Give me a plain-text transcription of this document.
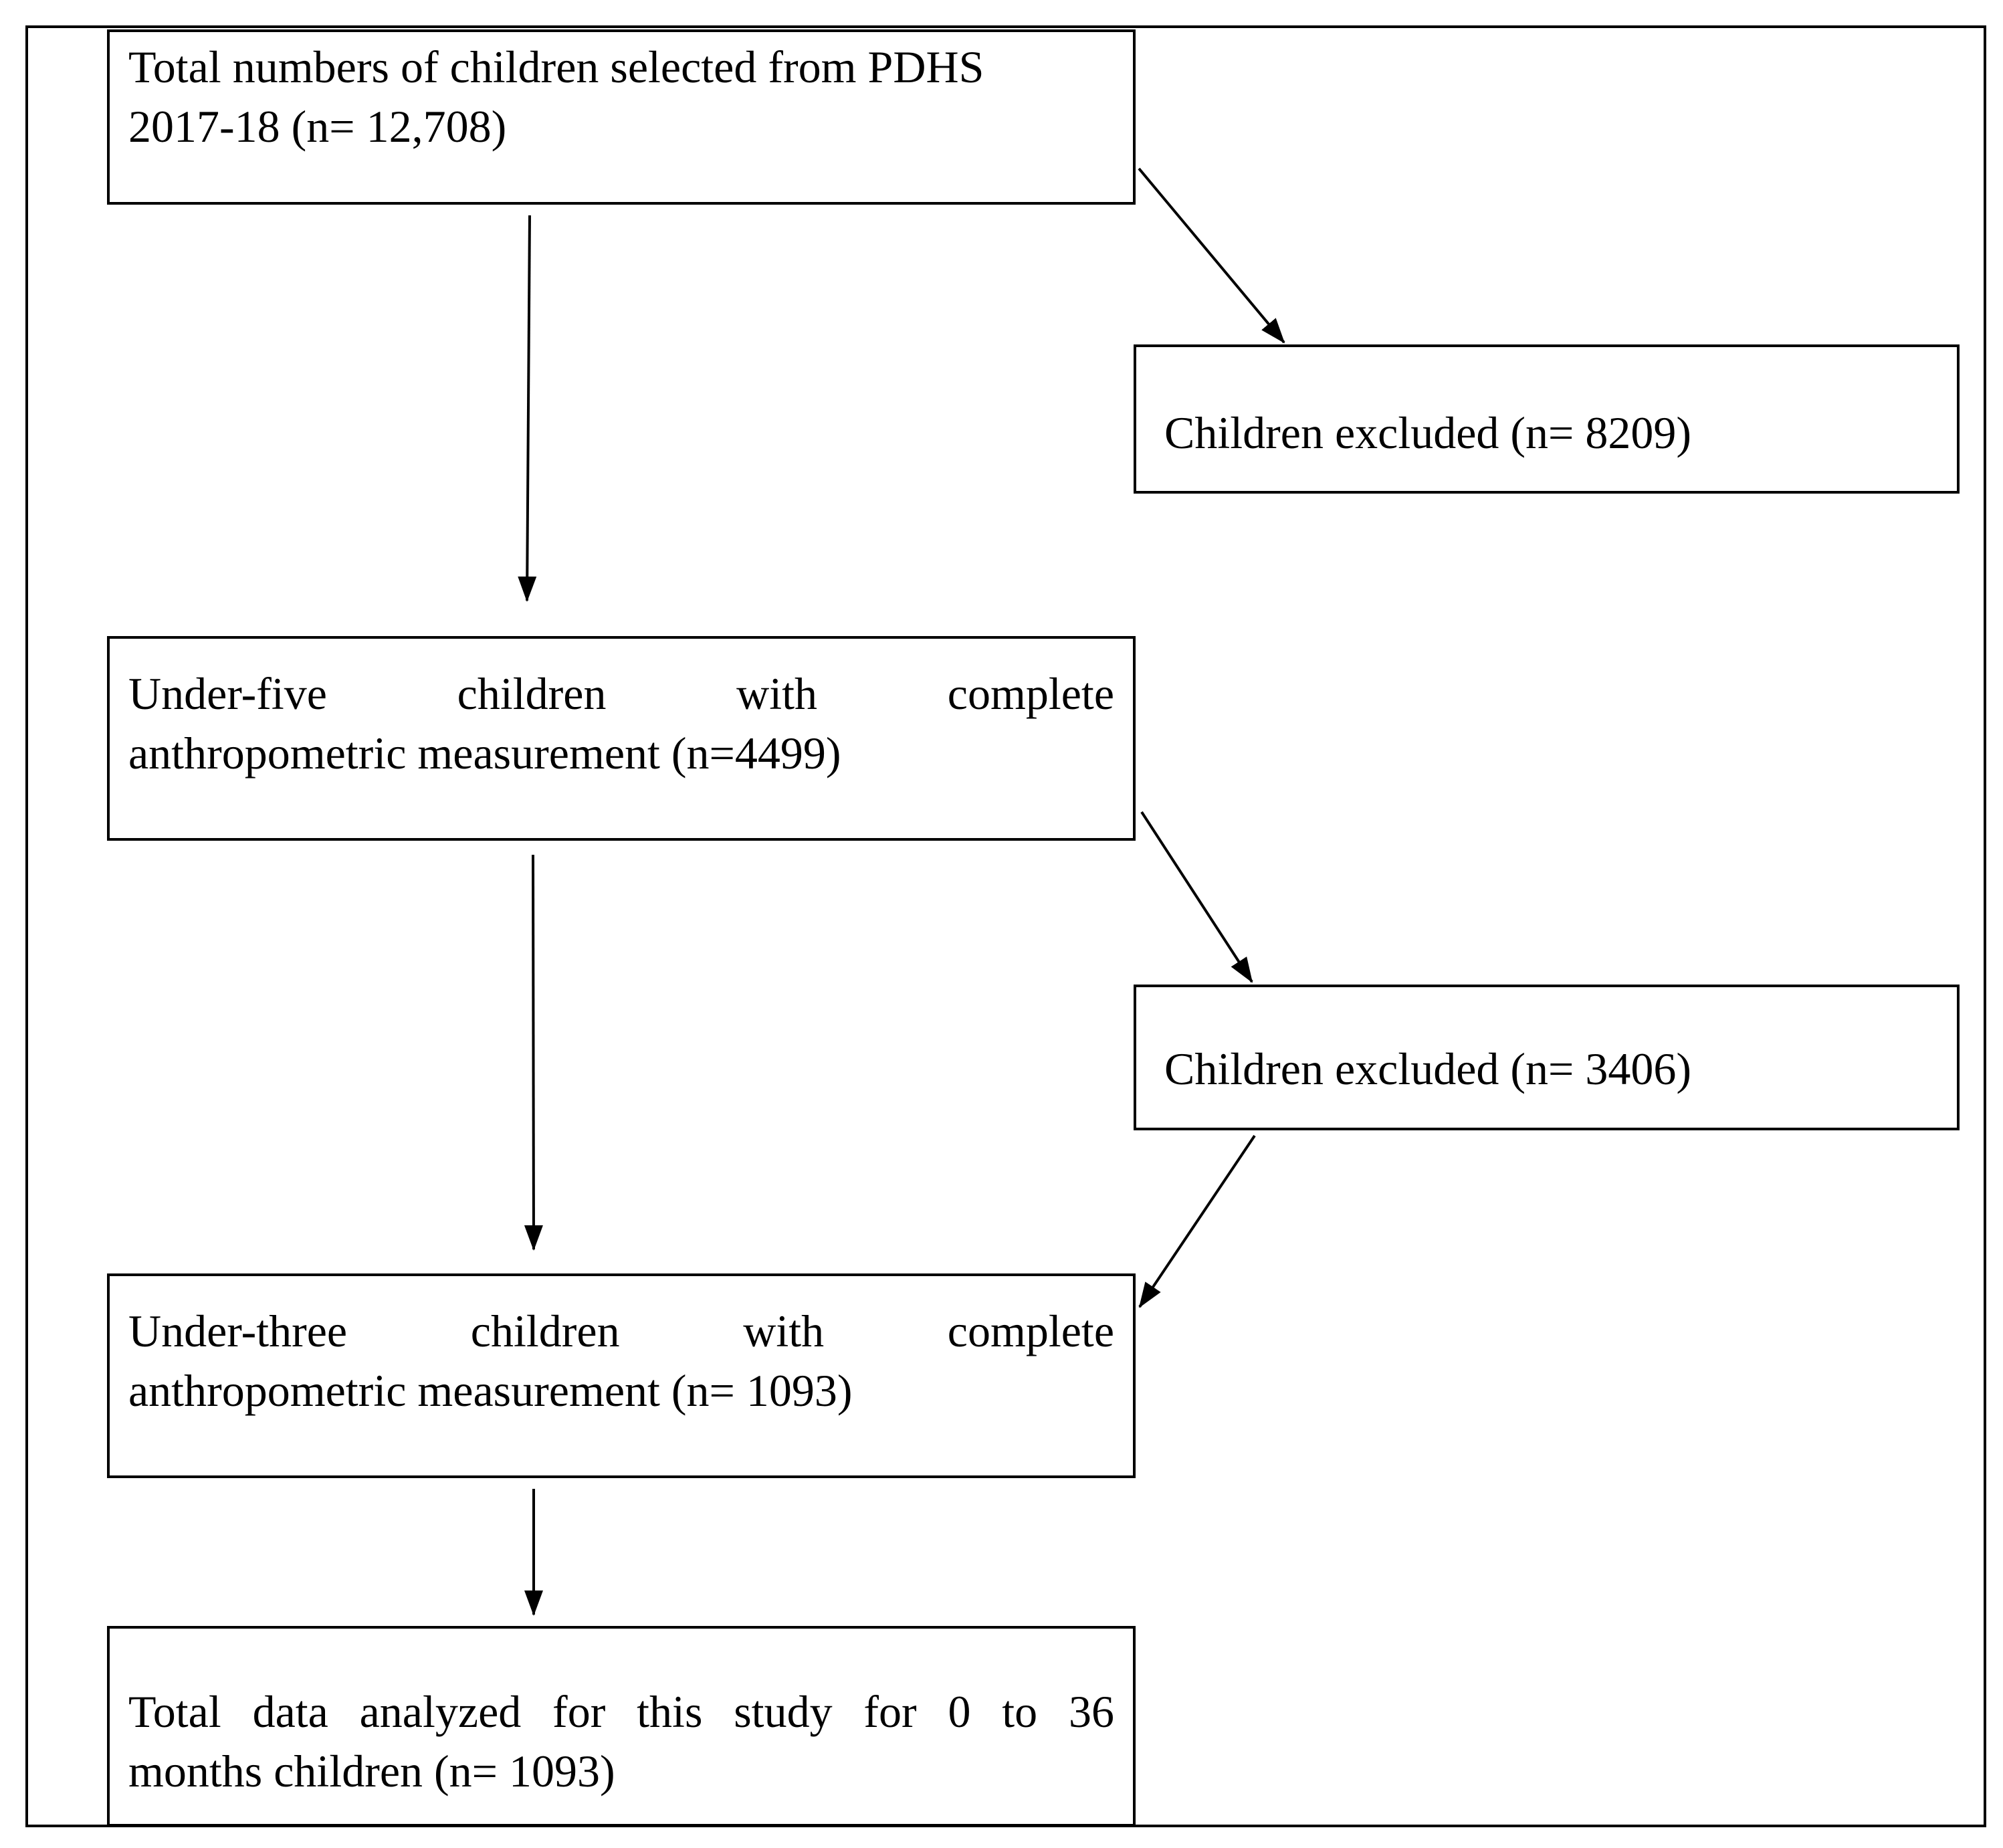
Total numbers of children selected from PDHS
2017-18 (n= 12,708)
Children excluded (n= 8209)
Under-five children with complete
anthropometric measurement (n=4499)
Children excluded (n= 3406)
Under-three children with complete
anthropometric measurement (n= 1093)
Total data analyzed for this study for 0 to 36
months children (n= 1093)
